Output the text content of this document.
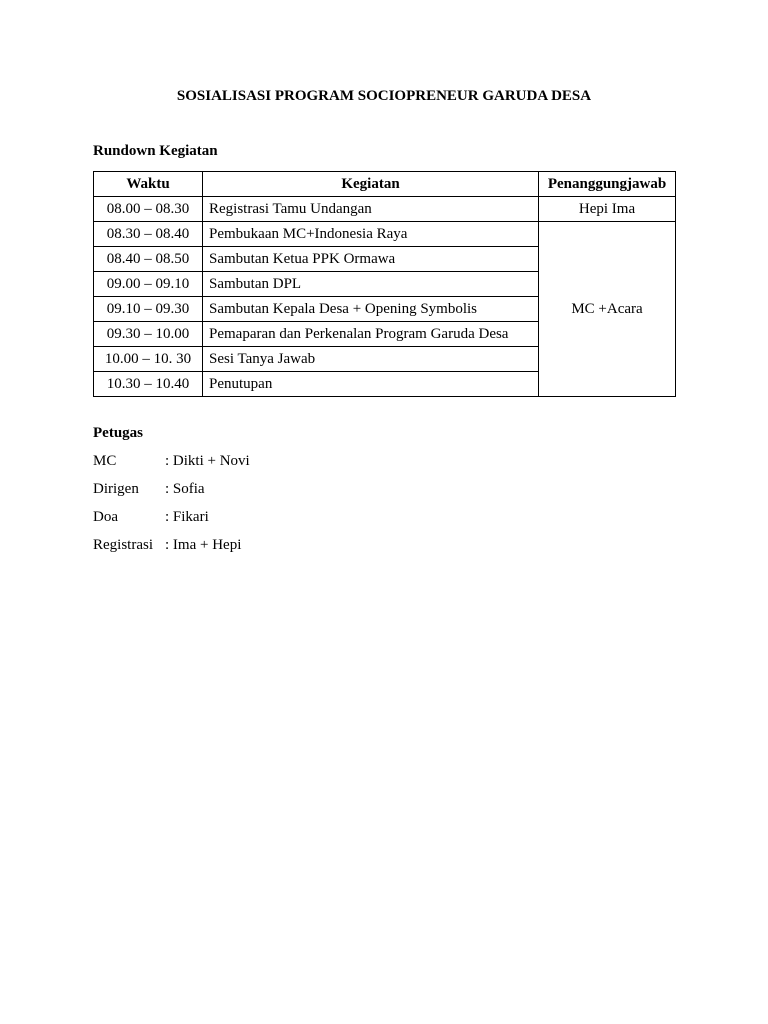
SOSIALISASI PROGRAM SOCIOPRENEUR GARUDA DESA
Rundown Kegiatan
Waktu	Kegiatan	Penanggungjawab
08.00 – 08.30	Registrasi Tamu Undangan	Hepi Ima
08.30 – 08.40	Pembukaan MC+Indonesia Raya	MC +Acara
08.40 – 08.50	Sambutan Ketua PPK Ormawa	
09.00 – 09.10	Sambutan DPL	
09.10 – 09.30	Sambutan Kepala Desa + Opening Symbolis	
09.30 – 10.00	Pemaparan dan Perkenalan Program Garuda Desa	
10.00 – 10. 30	Sesi Tanya Jawab	
10.30 – 10.40	Penutupan	
Petugas
MC	: Dikti + Novi
Dirigen : Sofia
Doa	: Fikari
Registrasi : Ima + Hepi
